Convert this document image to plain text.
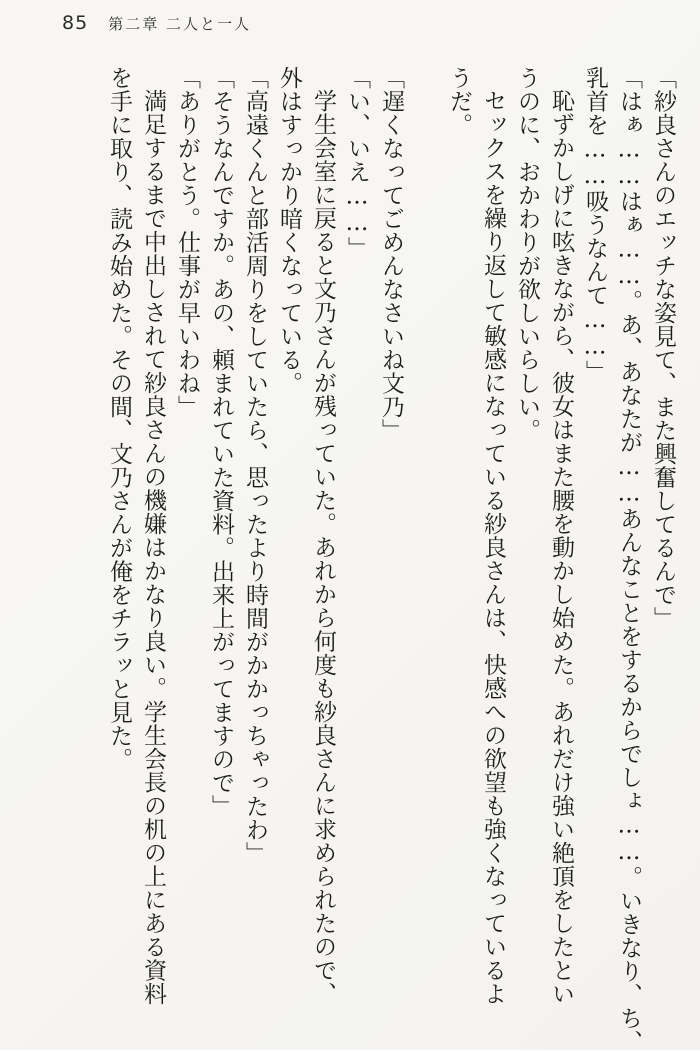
85 第二章 二人と一人

「紗良さんのエッチな姿見て、また興奮してるんで」

「はぁ……はぁ……。あ、あなたが……あんなことをするからでしょ……。いきなり、ち、

乳首を……吸うなんて……」

恥ずかしげに呟きながら、彼女はまた腰を動かし始めた。あれだけ強い絶頂をしたとい

うのに、おかわりが欲しいらしい。

セックスを繰り返して敏感になっている紗良さんは、快感への欲望も強くなっているよ

うだ。

「遅くなってごめんなさいね文乃」

「い、いえ……」

学生会室に戻ると文乃さんが残っていた。あれから何度も紗良さんに求められたので、

外はすっかり暗くなっている。

「高遠くんと部活周りをしていたら、思ったより時間がかかっちゃったわ」

「そうなんですか。あの、頼まれていた資料。出来上がってますので」

「ありがとう。仕事が早いわね」

満足するまで中出しされて紗良さんの機嫌はかなり良い。学生会長の机の上にある資料

を手に取り、読み始めた。その間、文乃さんが俺をチラッと見た。
